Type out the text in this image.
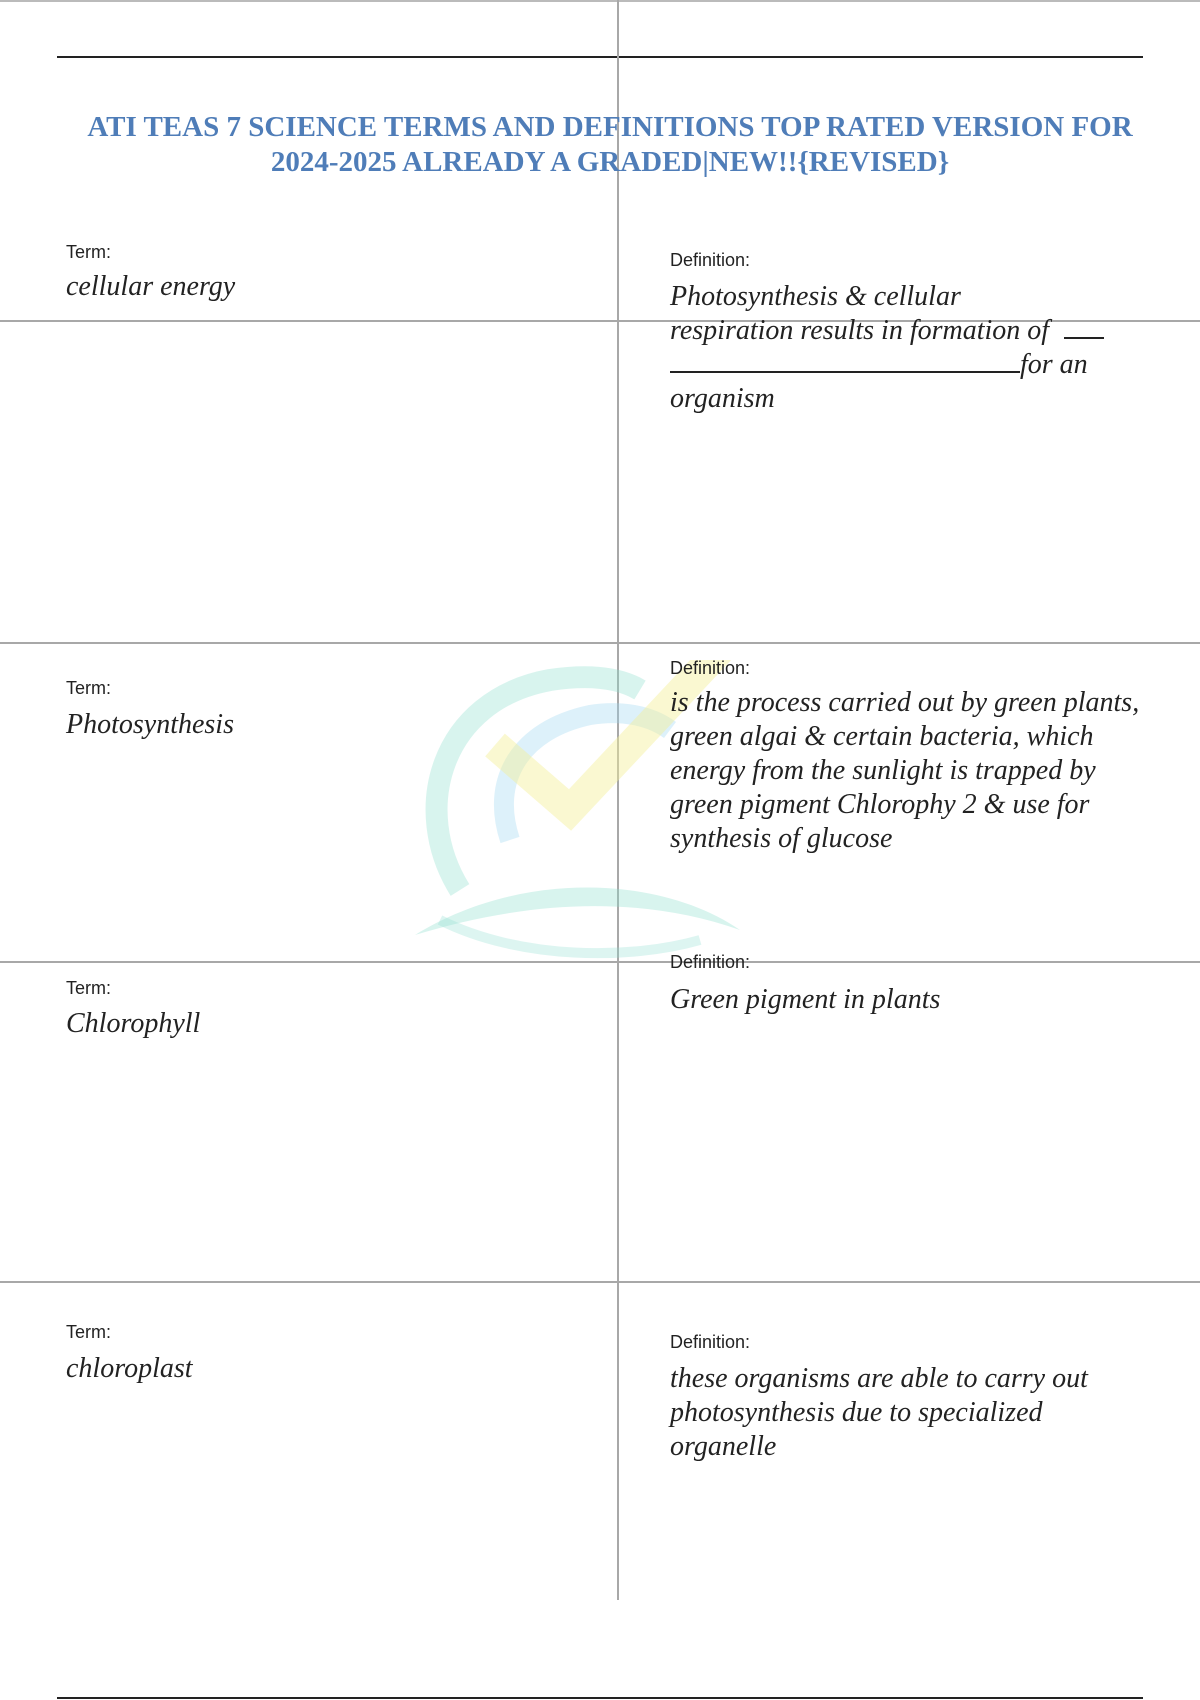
ATI TEAS 7 SCIENCE TERMS AND DEFINITIONS TOP RATED VERSION FOR
2024-2025 ALREADY A GRADED|NEW!!{REVISED}
Term:
cellular energy
Definition:
Photosynthesis & cellular
respiration results in formation of
for an
organism
Term:
Photosynthesis
Definition:
is the process carried out by green plants, green algai & certain bacteria, which energy from the sunlight is trapped by green pigment Chlorophy 2 & use for synthesis of glucose
Term:
Chlorophyll
Definition:
Green pigment in plants
Term:
chloroplast
Definition:
these organisms are able to carry out photosynthesis due to specialized organelle
